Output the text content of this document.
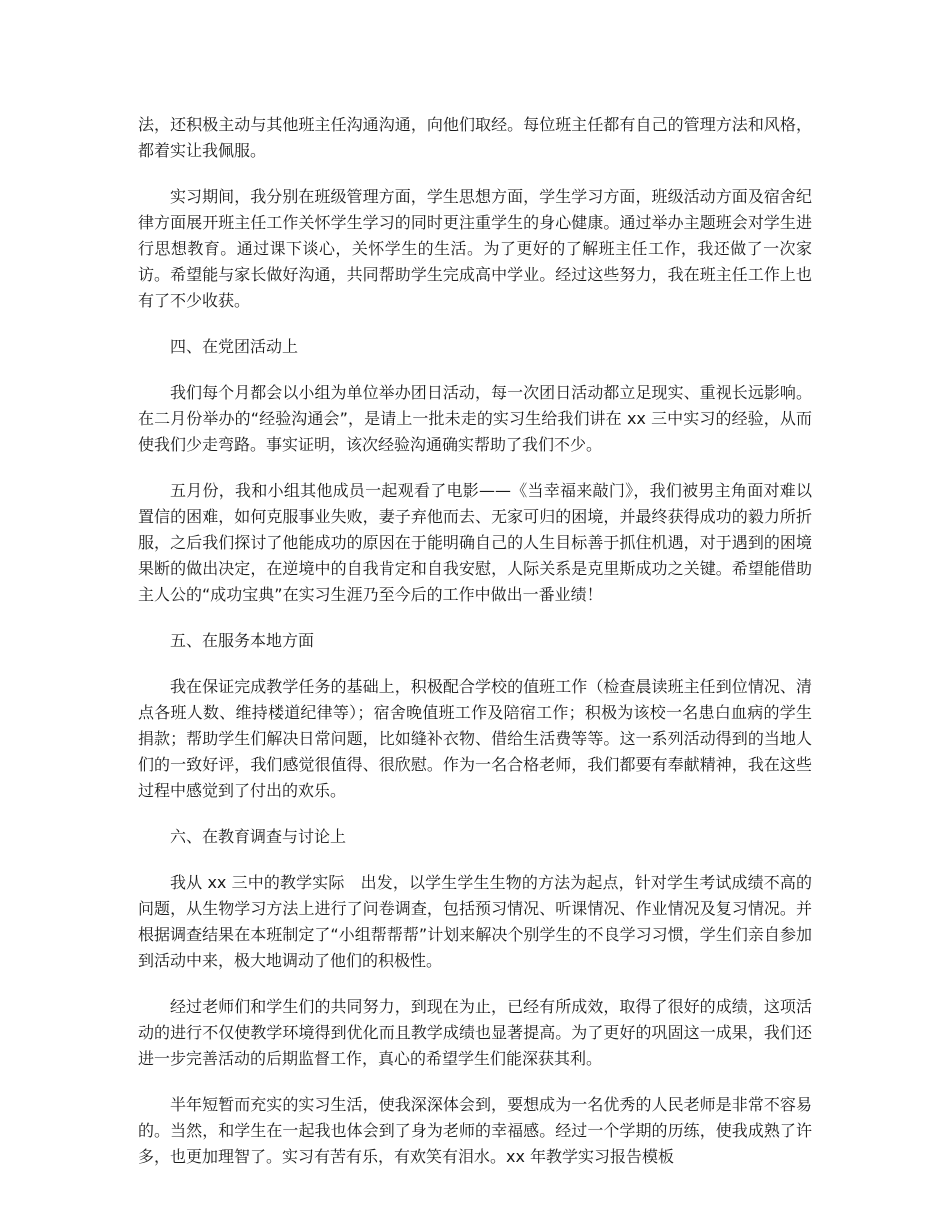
法，还积极主动与其他班主任沟通沟通，向他们取经。每位班主任都有自己的管理方法和风格，都着实让我佩服。

实习期间，我分别在班级管理方面，学生思想方面，学生学习方面，班级活动方面及宿舍纪律方面展开班主任工作关怀学生学习的同时更注重学生的身心健康。通过举办主题班会对学生进行思想教育。通过课下谈心，关怀学生的生活。为了更好的了解班主任工作，我还做了一次家访。希望能与家长做好沟通，共同帮助学生完成高中学业。经过这些努力，我在班主任工作上也有了不少收获。

四、在党团活动上

我们每个月都会以小组为单位举办团日活动，每一次团日活动都立足现实、重视长远影响。在二月份举办的“经验沟通会”，是请上一批未走的实习生给我们讲在 xx 三中实习的经验，从而使我们少走弯路。事实证明，该次经验沟通确实帮助了我们不少。

五月份，我和小组其他成员一起观看了电影——《当幸福来敲门》，我们被男主角面对难以置信的困难，如何克服事业失败，妻子弃他而去、无家可归的困境，并最终获得成功的毅力所折服，之后我们探讨了他能成功的原因在于能明确自己的人生目标善于抓住机遇，对于遇到的困境果断的做出决定，在逆境中的自我肯定和自我安慰，人际关系是克里斯成功之关键。希望能借助主人公的“成功宝典”在实习生涯乃至今后的工作中做出一番业绩！

五、在服务本地方面

我在保证完成教学任务的基础上，积极配合学校的值班工作（检查晨读班主任到位情况、清点各班人数、维持楼道纪律等）；宿舍晚值班工作及陪宿工作；积极为该校一名患白血病的学生捐款；帮助学生们解决日常问题，比如缝补衣物、借给生活费等等。这一系列活动得到的当地人们的一致好评，我们感觉很值得、很欣慰。作为一名合格老师，我们都要有奉献精神，我在这些过程中感觉到了付出的欢乐。

六、在教育调查与讨论上

我从 xx 三中的教学实际　出发，以学生学生生物的方法为起点，针对学生考试成绩不高的问题，从生物学习方法上进行了问卷调查，包括预习情况、听课情况、作业情况及复习情况。并根据调查结果在本班制定了“小组帮帮帮”计划来解决个别学生的不良学习习惯，学生们亲自参加到活动中来，极大地调动了他们的积极性。

经过老师们和学生们的共同努力，到现在为止，已经有所成效，取得了很好的成绩，这项活动的进行不仅使教学环境得到优化而且教学成绩也显著提高。为了更好的巩固这一成果，我们还进一步完善活动的后期监督工作，真心的希望学生们能深获其利。

半年短暂而充实的实习生活，使我深深体会到，要想成为一名优秀的人民老师是非常不容易的。当然，和学生在一起我也体会到了身为老师的幸福感。经过一个学期的历练，使我成熟了许多，也更加理智了。实习有苦有乐，有欢笑有泪水。xx 年教学实习报告模板
